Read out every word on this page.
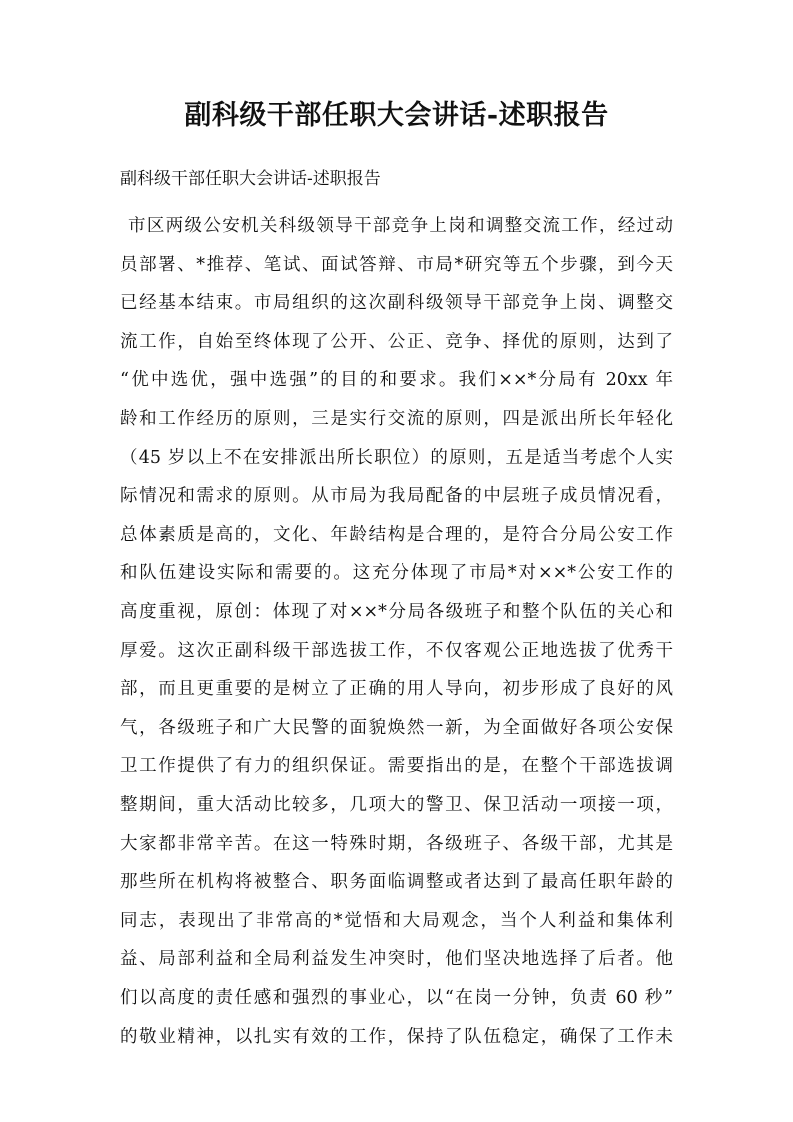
副科级干部任职大会讲话-述职报告

副科级干部任职大会讲话-述职报告

市区两级公安机关科级领导干部竞争上岗和调整交流工作，经过动
员部署、*推荐、笔试、面试答辩、市局*研究等五个步骤，到今天
已经基本结束。市局组织的这次副科级领导干部竞争上岗、调整交
流工作，自始至终体现了公开、公正、竞争、择优的原则，达到了
“优中选优，强中选强”的目的和要求。我们××*分局有 20xx 年
龄和工作经历的原则，三是实行交流的原则，四是派出所长年轻化
（45 岁以上不在安排派出所长职位）的原则，五是适当考虑个人实
际情况和需求的原则。从市局为我局配备的中层班子成员情况看，
总体素质是高的，文化、年龄结构是合理的，是符合分局公安工作
和队伍建设实际和需要的。这充分体现了市局*对××*公安工作的
高度重视，原创：体现了对××*分局各级班子和整个队伍的关心和
厚爱。这次正副科级干部选拔工作，不仅客观公正地选拔了优秀干
部，而且更重要的是树立了正确的用人导向，初步形成了良好的风
气，各级班子和广大民警的面貌焕然一新，为全面做好各项公安保
卫工作提供了有力的组织保证。需要指出的是，在整个干部选拔调
整期间，重大活动比较多，几项大的警卫、保卫活动一项接一项，
大家都非常辛苦。在这一特殊时期，各级班子、各级干部，尤其是
那些所在机构将被整合、职务面临调整或者达到了最高任职年龄的
同志，表现出了非常高的*觉悟和大局观念，当个人利益和集体利
益、局部利益和全局利益发生冲突时，他们坚决地选择了后者。他
们以高度的责任感和强烈的事业心，以“在岗一分钟，负责 60 秒”
的敬业精神，以扎实有效的工作，保持了队伍稳定，确保了工作未
